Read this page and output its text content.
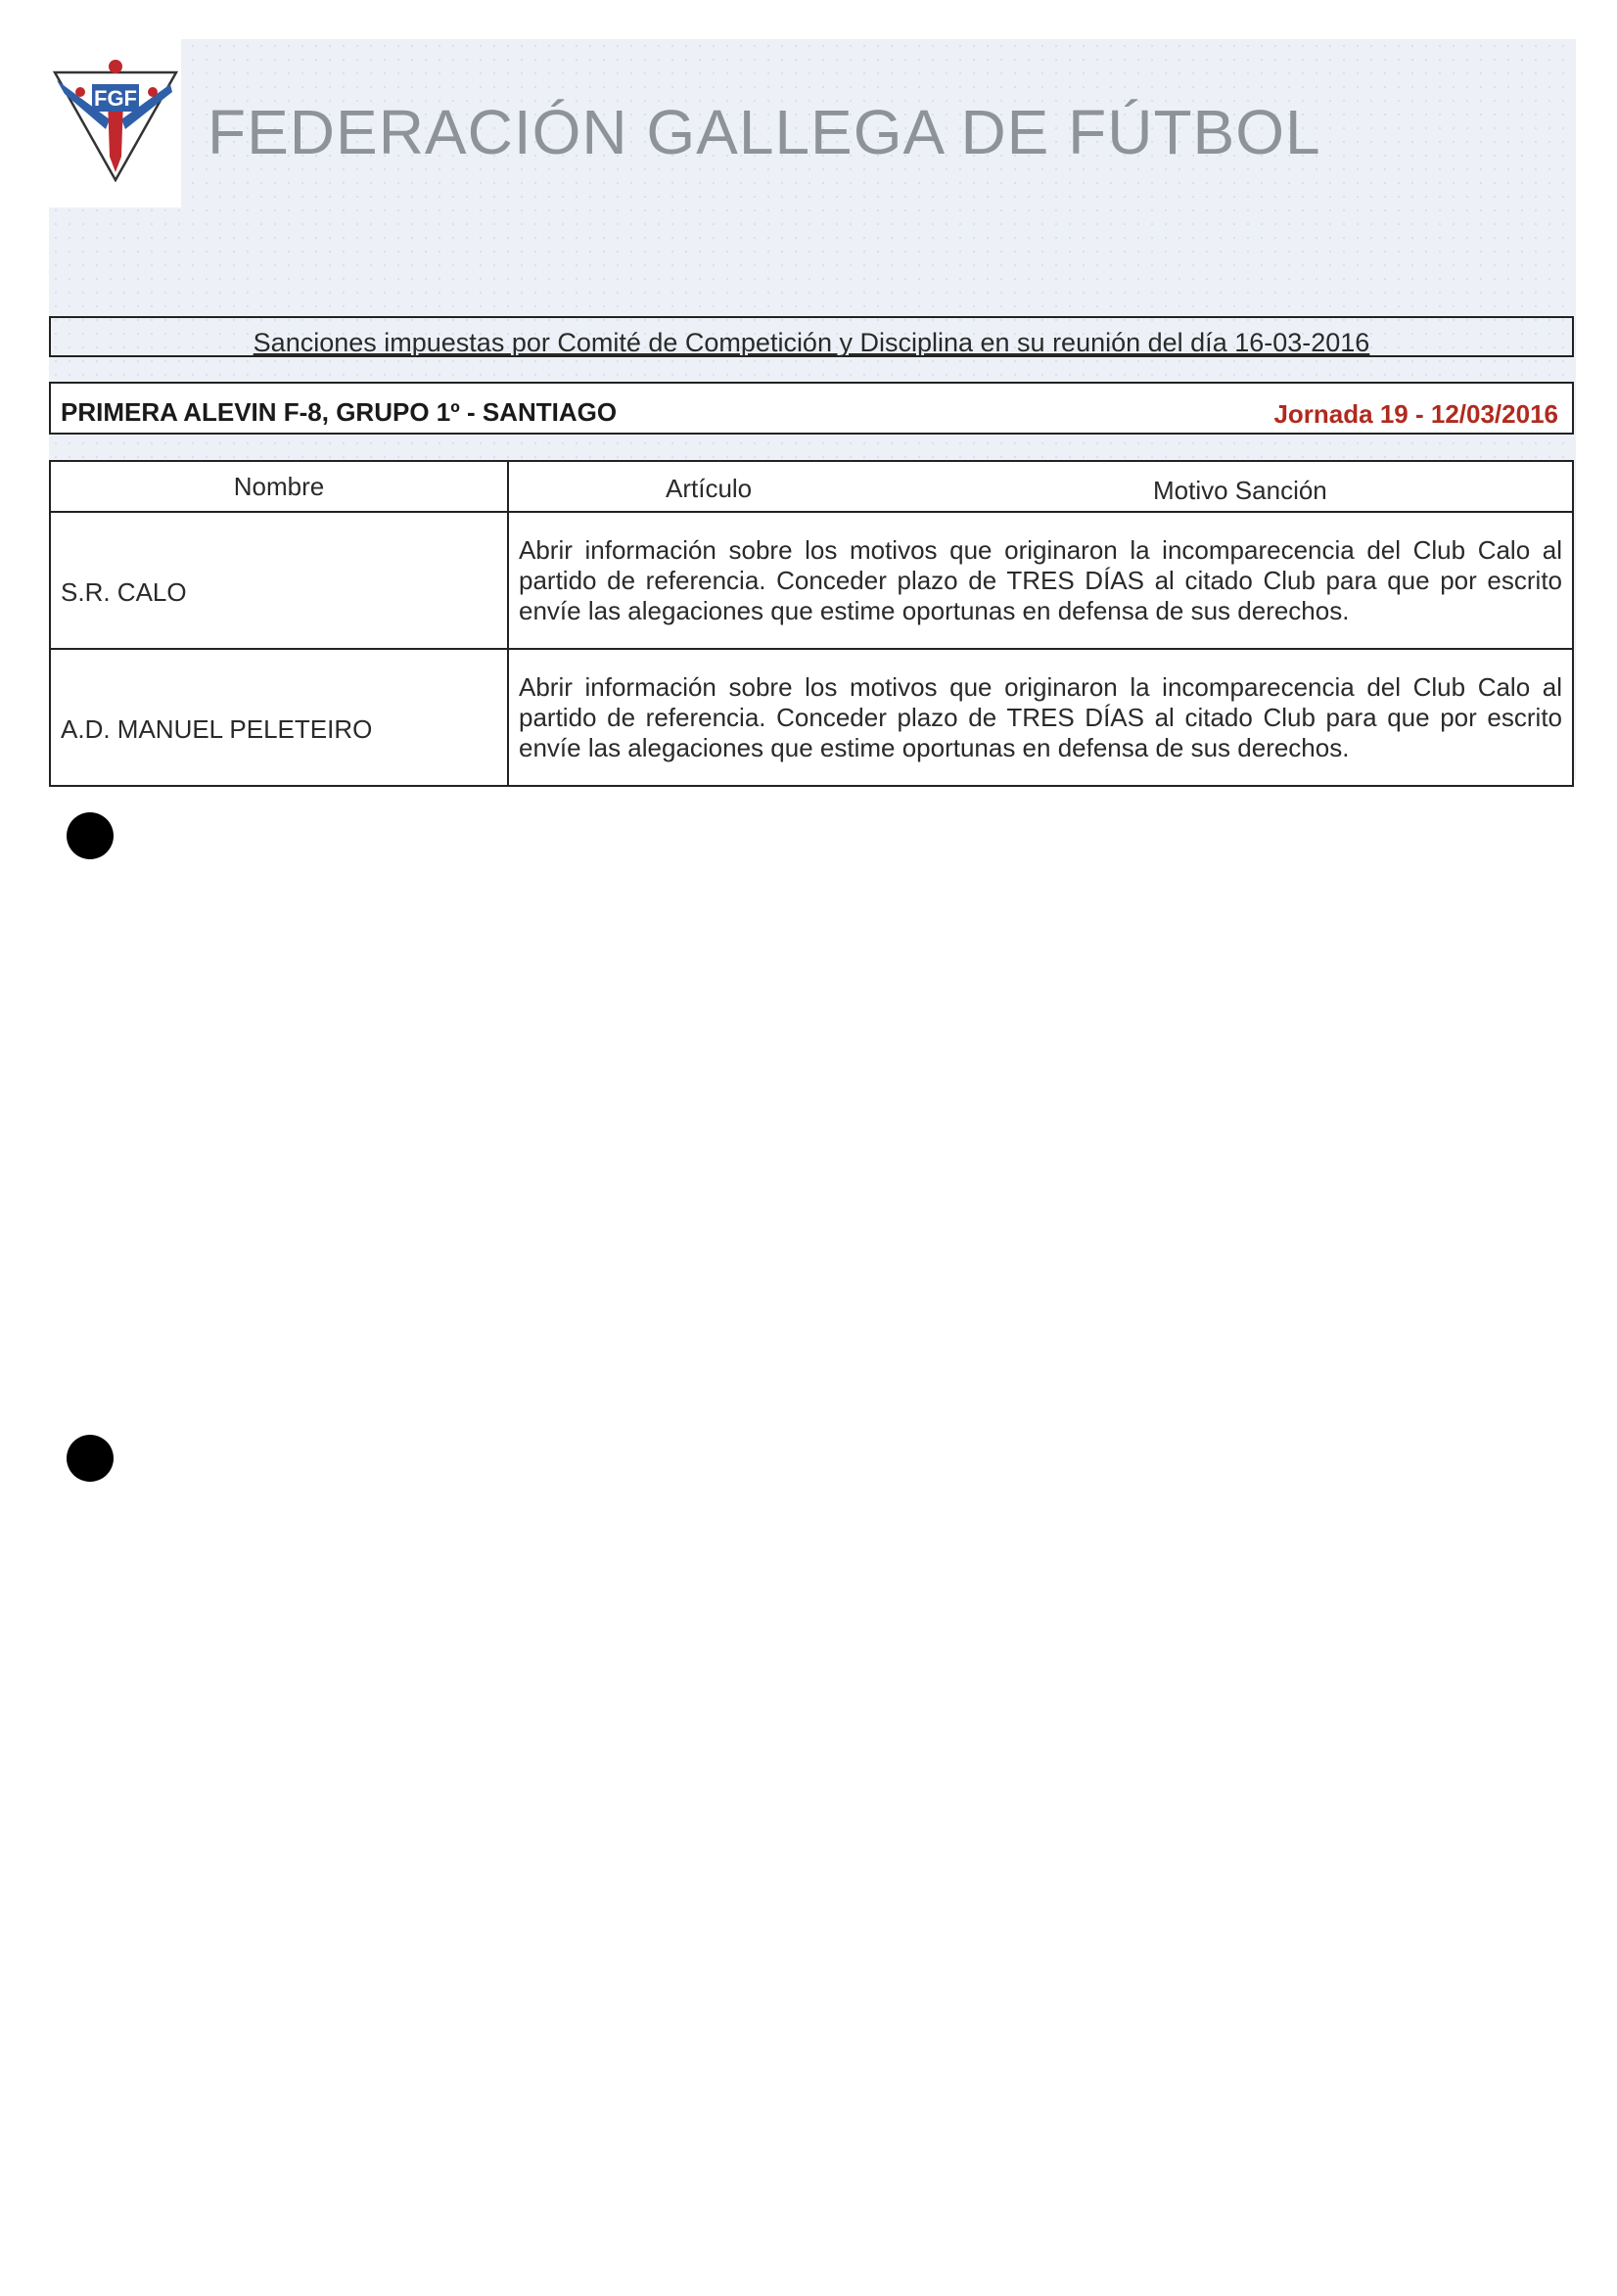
FGF FEDERACIÓN GALLEGA DE FÚTBOL
Sanciones impuestas por Comité de Competición y Disciplina en su reunión del día 16-03-2016
PRIMERA ALEVIN F-8, GRUPO 1º - SANTIAGO	Jornada 19 - 12/03/2016
Nombre	Artículo Motivo Sanción

S.R. CALO	Abrir información sobre los motivos que originaron la incomparecencia del Club Calo al partido de referencia. Conceder plazo de TRES DÍAS al citado Club para que por escrito envíe las alegaciones que estime oportunas en defensa de sus derechos.
A.D. MANUEL PELETEIRO	Abrir información sobre los motivos que originaron la incomparecencia del Club Calo al partido de referencia. Conceder plazo de TRES DÍAS al citado Club para que por escrito envíe las alegaciones que estime oportunas en defensa de sus derechos.
